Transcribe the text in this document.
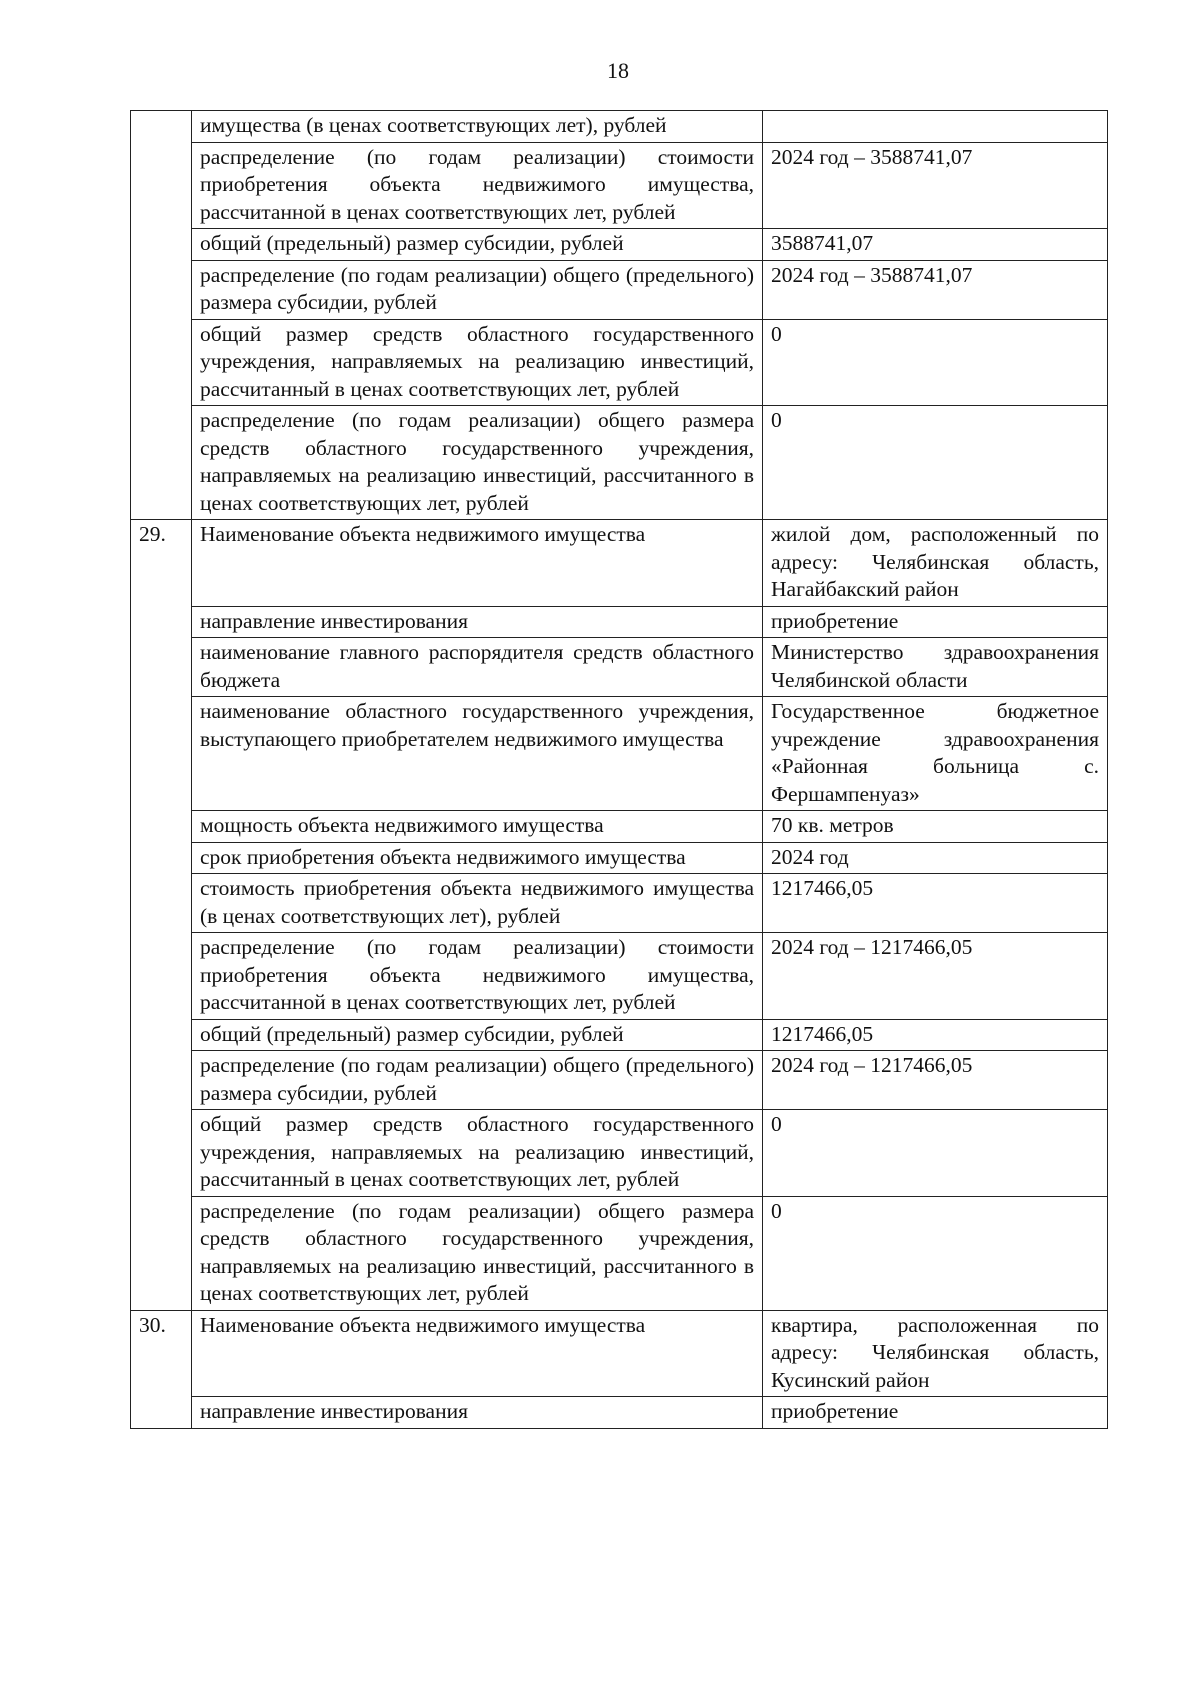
18
	имущества (в ценах соответствующих лет), рублей	
	распределение (по годам реализации) стоимости приобретения объекта недвижимого имущества, рассчитанной в ценах соответствующих лет, рублей	2024 год – 3588741,07
	общий (предельный) размер субсидии, рублей	3588741,07
	распределение (по годам реализации) общего (предельного) размера субсидии, рублей	2024 год – 3588741,07
	общий размер средств областного государственного учреждения, направляемых на реализацию инвестиций, рассчитанный в ценах соответствующих лет, рублей	0
	распределение (по годам реализации) общего размера средств областного государственного учреждения, направляемых на реализацию инвестиций, рассчитанного в ценах соответствующих лет, рублей	0
29.	Наименование объекта недвижимого имущества	жилой дом, расположенный по адресу: Челябинская область, Нагайбакский район
	направление инвестирования	приобретение
	наименование главного распорядителя средств областного бюджета	Министерство здравоохранения Челябинской области
	наименование областного государственного учреждения, выступающего приобретателем недвижимого имущества	Государственное бюджетное учреждение здравоохранения «Районная больница с. Фершампенуаз»
	мощность объекта недвижимого имущества	70 кв. метров
	срок приобретения объекта недвижимого имущества	2024 год
	стоимость приобретения объекта недвижимого имущества (в ценах соответствующих лет), рублей	1217466,05
	распределение (по годам реализации) стоимости приобретения объекта недвижимого имущества, рассчитанной в ценах соответствующих лет, рублей	2024 год – 1217466,05
	общий (предельный) размер субсидии, рублей	1217466,05
	распределение (по годам реализации) общего (предельного) размера субсидии, рублей	2024 год – 1217466,05
	общий размер средств областного государственного учреждения, направляемых на реализацию инвестиций, рассчитанный в ценах соответствующих лет, рублей	0
	распределение (по годам реализации) общего размера средств областного государственного учреждения, направляемых на реализацию инвестиций, рассчитанного в ценах соответствующих лет, рублей	0
30.	Наименование объекта недвижимого имущества	квартира, расположенная по адресу: Челябинская область, Кусинский район
	направление инвестирования	приобретение
